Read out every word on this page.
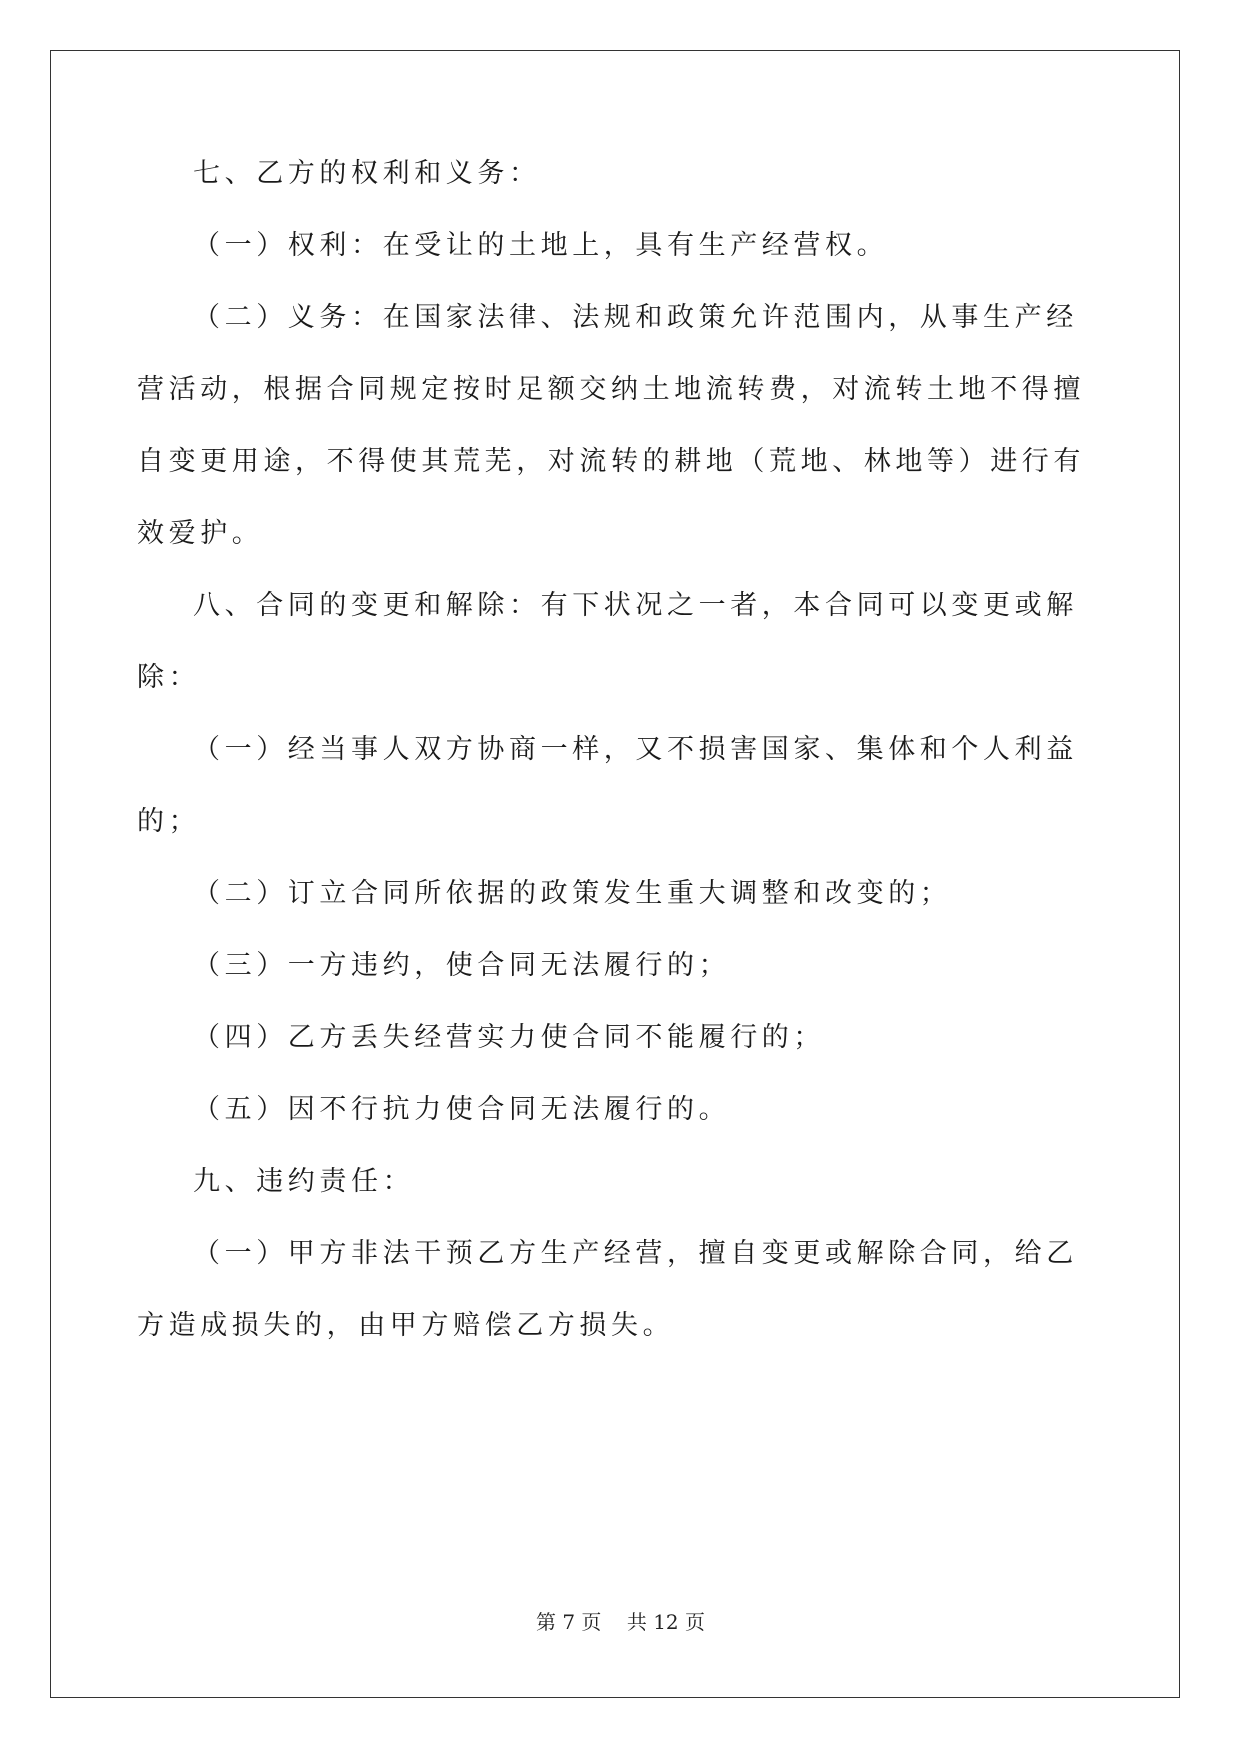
七、乙方的权利和义务：
（一）权利：在受让的土地上，具有生产经营权。
（二）义务：在国家法律、法规和政策允许范围内，从事生产经
营活动，根据合同规定按时足额交纳土地流转费，对流转土地不得擅
自变更用途，不得使其荒芜，对流转的耕地（荒地、林地等）进行有
效爱护。
八、合同的变更和解除：有下状况之一者，本合同可以变更或解
除：
（一）经当事人双方协商一样，又不损害国家、集体和个人利益
的；
（二）订立合同所依据的政策发生重大调整和改变的；
（三）一方违约，使合同无法履行的；
（四）乙方丢失经营实力使合同不能履行的；
（五）因不行抗力使合同无法履行的。
九、违约责任：
（一）甲方非法干预乙方生产经营，擅自变更或解除合同，给乙
方造成损失的，由甲方赔偿乙方损失。
第 7 页    共 12 页
